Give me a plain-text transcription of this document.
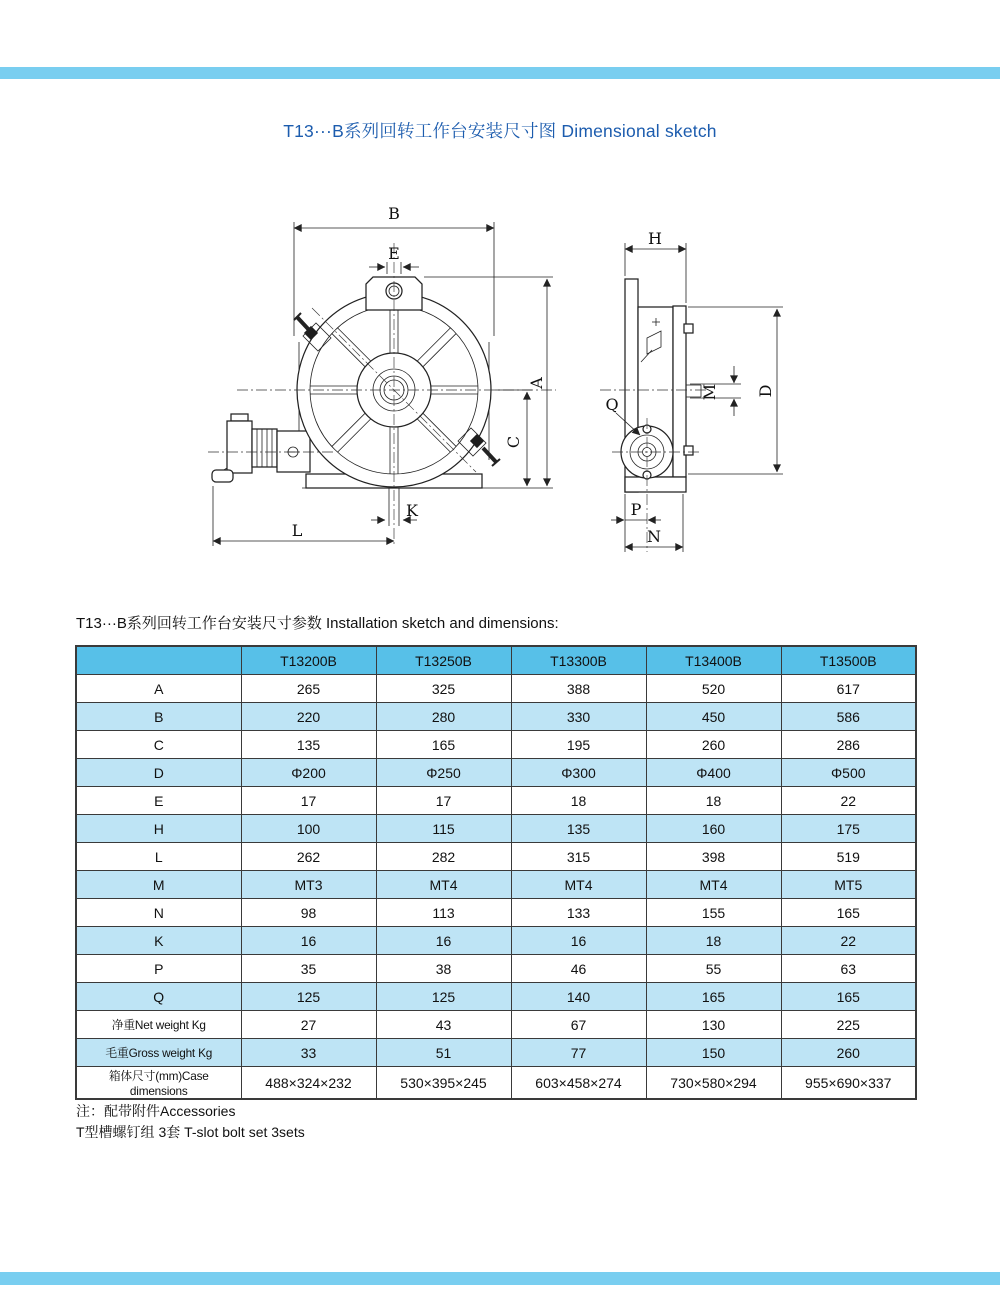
T13···B系列回转工作台安装尺寸图 Dimensional sketch
B
E
A
C
K
L
H
D
M
Q
P
N
T13···B系列回转工作台安装尺寸参数 Installation sketch and dimensions:
	T13200B	T13250B	T13300B	T13400B	T13500B
A	265	325	388	520	617
B	220	280	330	450	586
C	135	165	195	260	286
D	Φ200	Φ250	Φ300	Φ400	Φ500
E	17	17	18	18	22
H	100	115	135	160	175
L	262	282	315	398	519
M	MT3	MT4	MT4	MT4	MT5
N	98	113	133	155	165
K	16	16	16	18	22
P	35	38	46	55	63
Q	125	125	140	165	165
净重Net weight Kg	27	43	67	130	225
毛重Gross weight Kg	33	51	77	150	260
箱体尺寸(mm)Case dimensions	488×324×232	530×395×245	603×458×274	730×580×294	955×690×337
注：配带附件Accessories
T型槽螺钉组 3套 T-slot bolt set 3sets
